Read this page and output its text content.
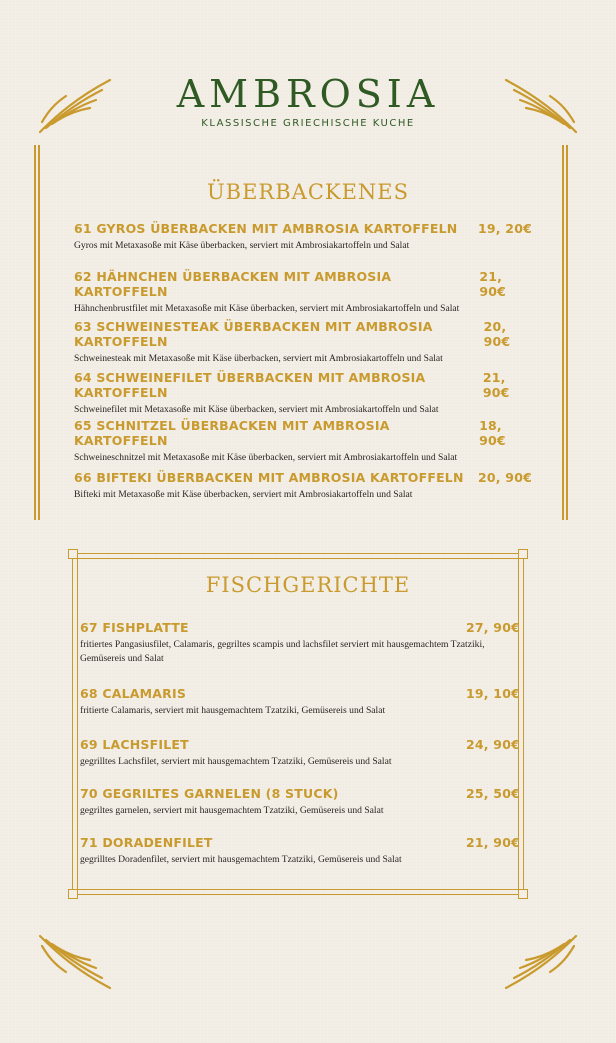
AMBROSIA
KLASSISCHE GRIECHISCHE KUCHE
ÜBERBACKENES
61 GYROS ÜBERBACKEN MIT AMBROSIA KARTOFFELN 19, 20€
Gyros mit Metaxasoße mit Käse überbacken, serviert mit Ambrosiakartoffeln und Salat
62 HÄHNCHEN ÜBERBACKEN MIT AMBROSIA KARTOFFELN
21, 90€
Hähnchenbrustfilet mit Metaxasoße mit Käse überbacken, serviert mit Ambrosiakartoffeln und Salat
63 SCHWEINESTEAK ÜBERBACKEN MIT AMBROSIA KARTOFFELN
20, 90€
Schweinesteak mit Metaxasoße mit Käse überbacken, serviert mit Ambrosiakartoffeln und Salat
64 SCHWEINEFILET ÜBERBACKEN MIT AMBROSIA KARTOFFELN
21, 90€
Schweinefilet mit Metaxasoße mit Käse überbacken, serviert mit Ambrosiakartoffeln und Salat
65 SCHNITZEL ÜBERBACKEN MIT AMBROSIA KARTOFFELN
18, 90€
Schweineschnitzel mit Metaxasoße mit Käse überbacken, serviert mit Ambrosiakartoffeln und Salat
66 BIFTEKI ÜBERBACKEN MIT AMBROSIA KARTOFFELN 20, 90€
Bifteki mit Metaxasoße mit Käse überbacken, serviert mit Ambrosiakartoffeln und Salat
FISCHGERICHTE
67 FISHPLATTE	27, 90€
fritiertes Pangasiusfilet, Calamaris, gegriltes scampis und lachsfilet serviert mit hausgemachtem Tzatziki, Gemüsereis und Salat
68 CALAMARIS	19, 10€
fritierte Calamaris, serviert mit hausgemachtem Tzatziki, Gemüsereis und Salat
69 LACHSFILET	24, 90€
gegrilltes Lachsfilet, serviert mit hausgemachtem Tzatziki, Gemüsereis und Salat
70 GEGRILTES GARNELEN (8 STUCK)	25, 50€
gegriltes garnelen, serviert mit hausgemachtem Tzatziki, Gemüsereis und Salat
71 DORADENFILET	21, 90€
gegrilltes Doradenfilet, serviert mit hausgemachtem Tzatziki, Gemüsereis und Salat
